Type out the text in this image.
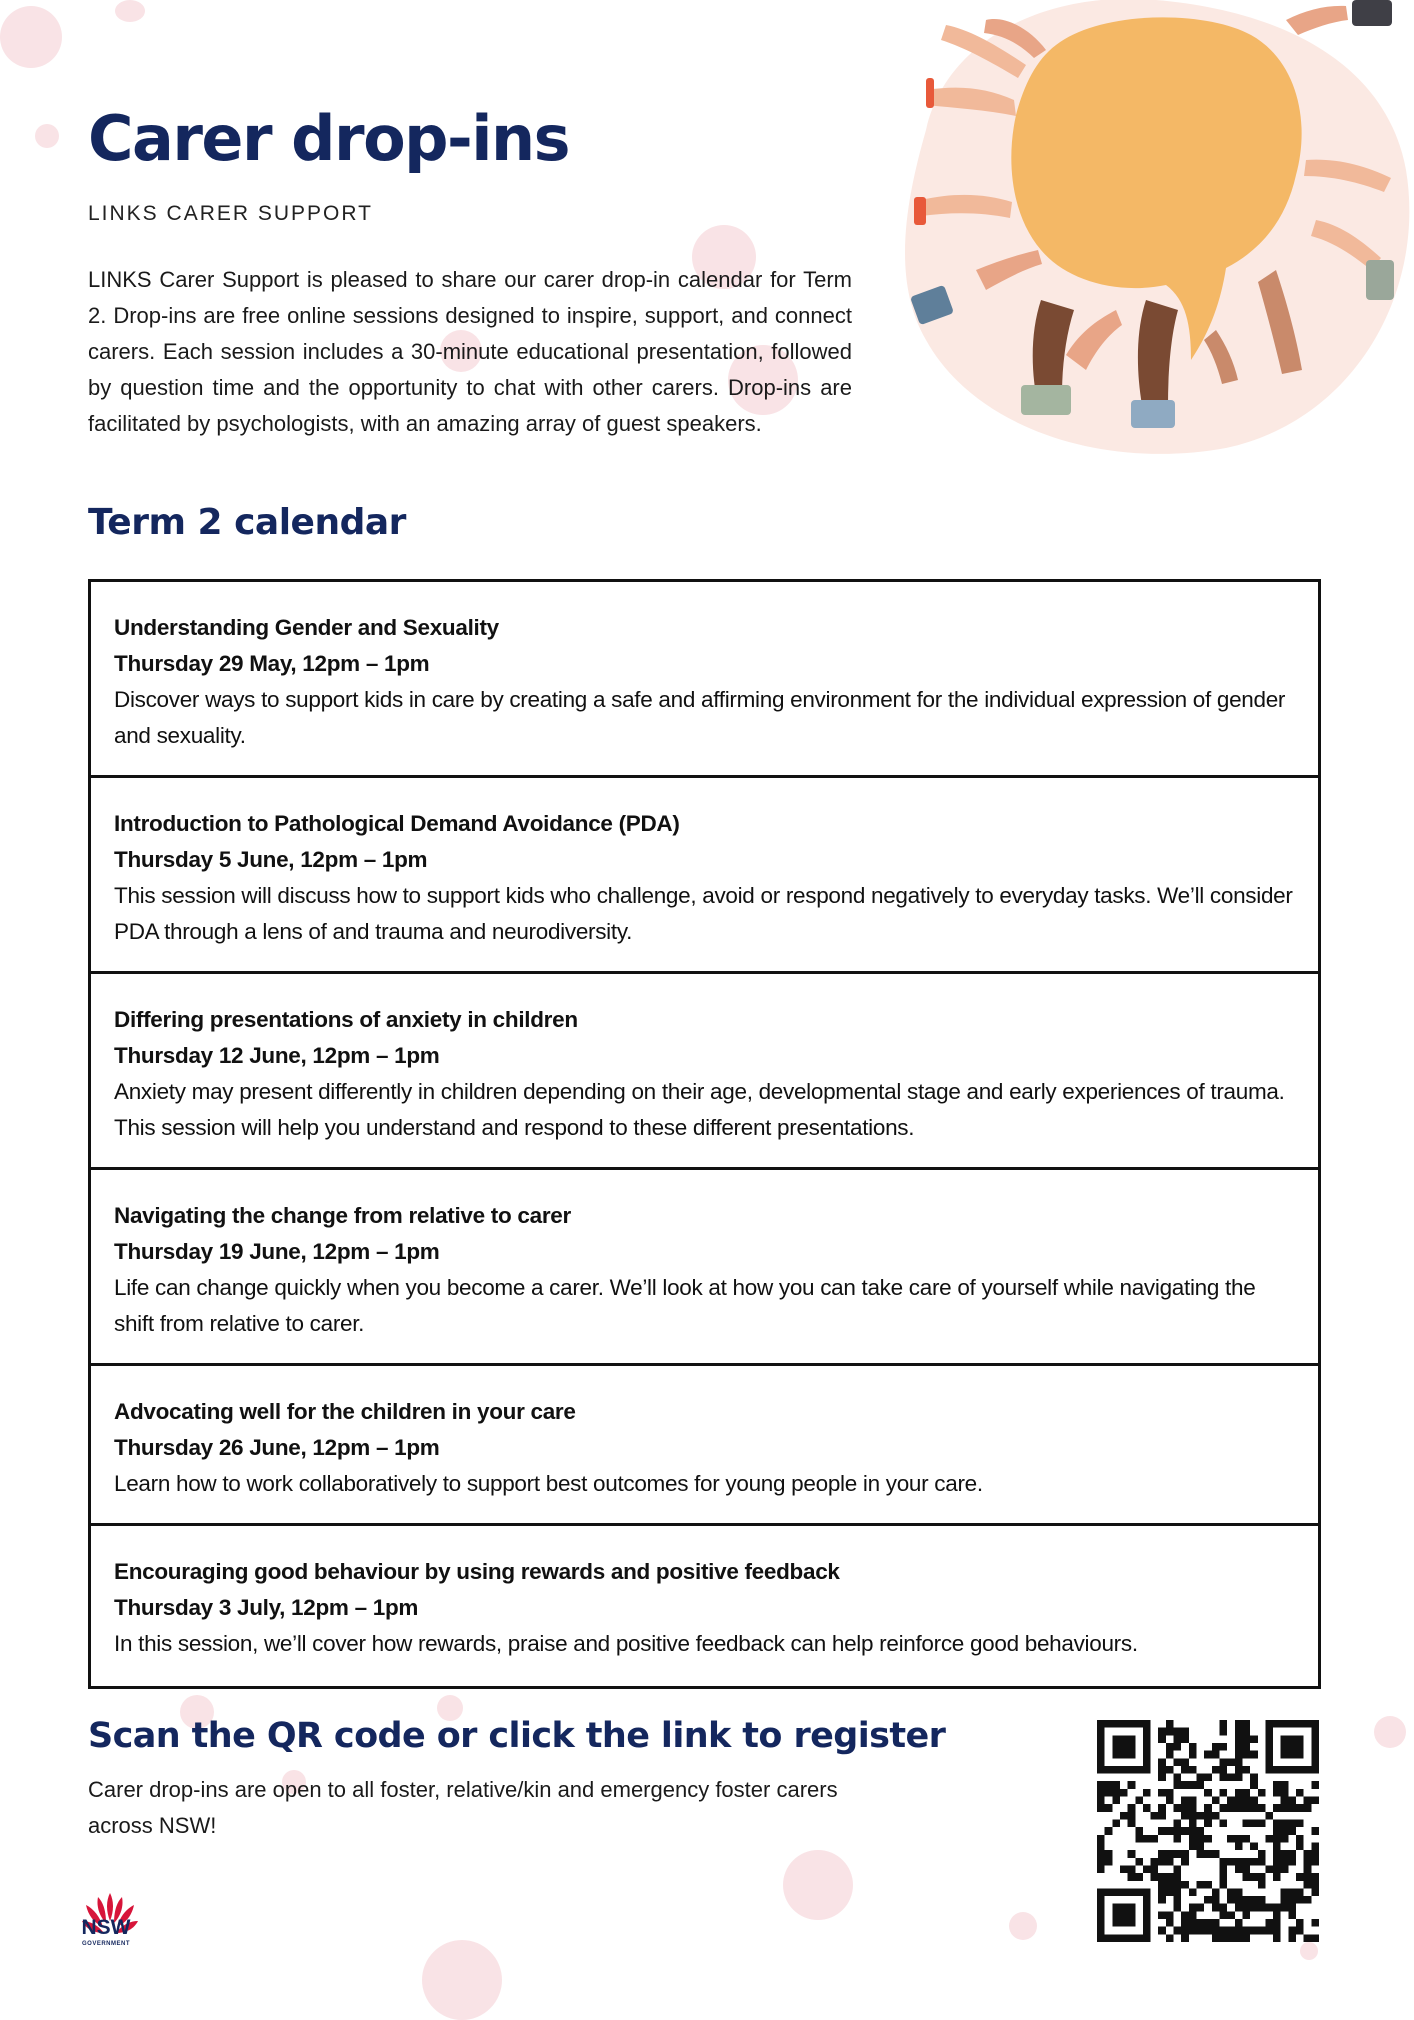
Carer drop-ins
LINKS CARER SUPPORT
LINKS Carer Support is pleased to share our carer drop-in calendar for Term 2. Drop-ins are free online sessions designed to inspire, support, and connect carers. Each session includes a 30-minute educational presentation, followed by question time and the opportunity to chat with other carers. Drop-ins are facilitated by psychologists, with an amazing array of guest speakers.
Term 2 calendar
Understanding Gender and Sexuality
Thursday 29 May, 12pm – 1pm
Discover ways to support kids in care by creating a safe and affirming environment for the individual expression of gender and sexuality.
Introduction to Pathological Demand Avoidance (PDA)
Thursday 5 June, 12pm – 1pm
This session will discuss how to support kids who challenge, avoid or respond negatively to everyday tasks. We’ll consider PDA through a lens of and trauma and neurodiversity.
Differing presentations of anxiety in children
Thursday 12 June, 12pm – 1pm
Anxiety may present differently in children depending on their age, developmental stage and early experiences of trauma. This session will help you understand and respond to these different presentations.
Navigating the change from relative to carer
Thursday 19 June, 12pm – 1pm
Life can change quickly when you become a carer. We’ll look at how you can take care of yourself while navigating the shift from relative to carer.
Advocating well for the children in your care
Thursday 26 June, 12pm – 1pm
Learn how to work collaboratively to support best outcomes for young people in your care.
Encouraging good behaviour by using rewards and positive feedback
Thursday 3 July, 12pm – 1pm
In this session, we’ll cover how rewards, praise and positive feedback can help reinforce good behaviours.
Scan the QR code or click the link to register
Carer drop-ins are open to all foster, relative/kin and emergency foster carers across NSW!
NSW
GOVERNMENT
